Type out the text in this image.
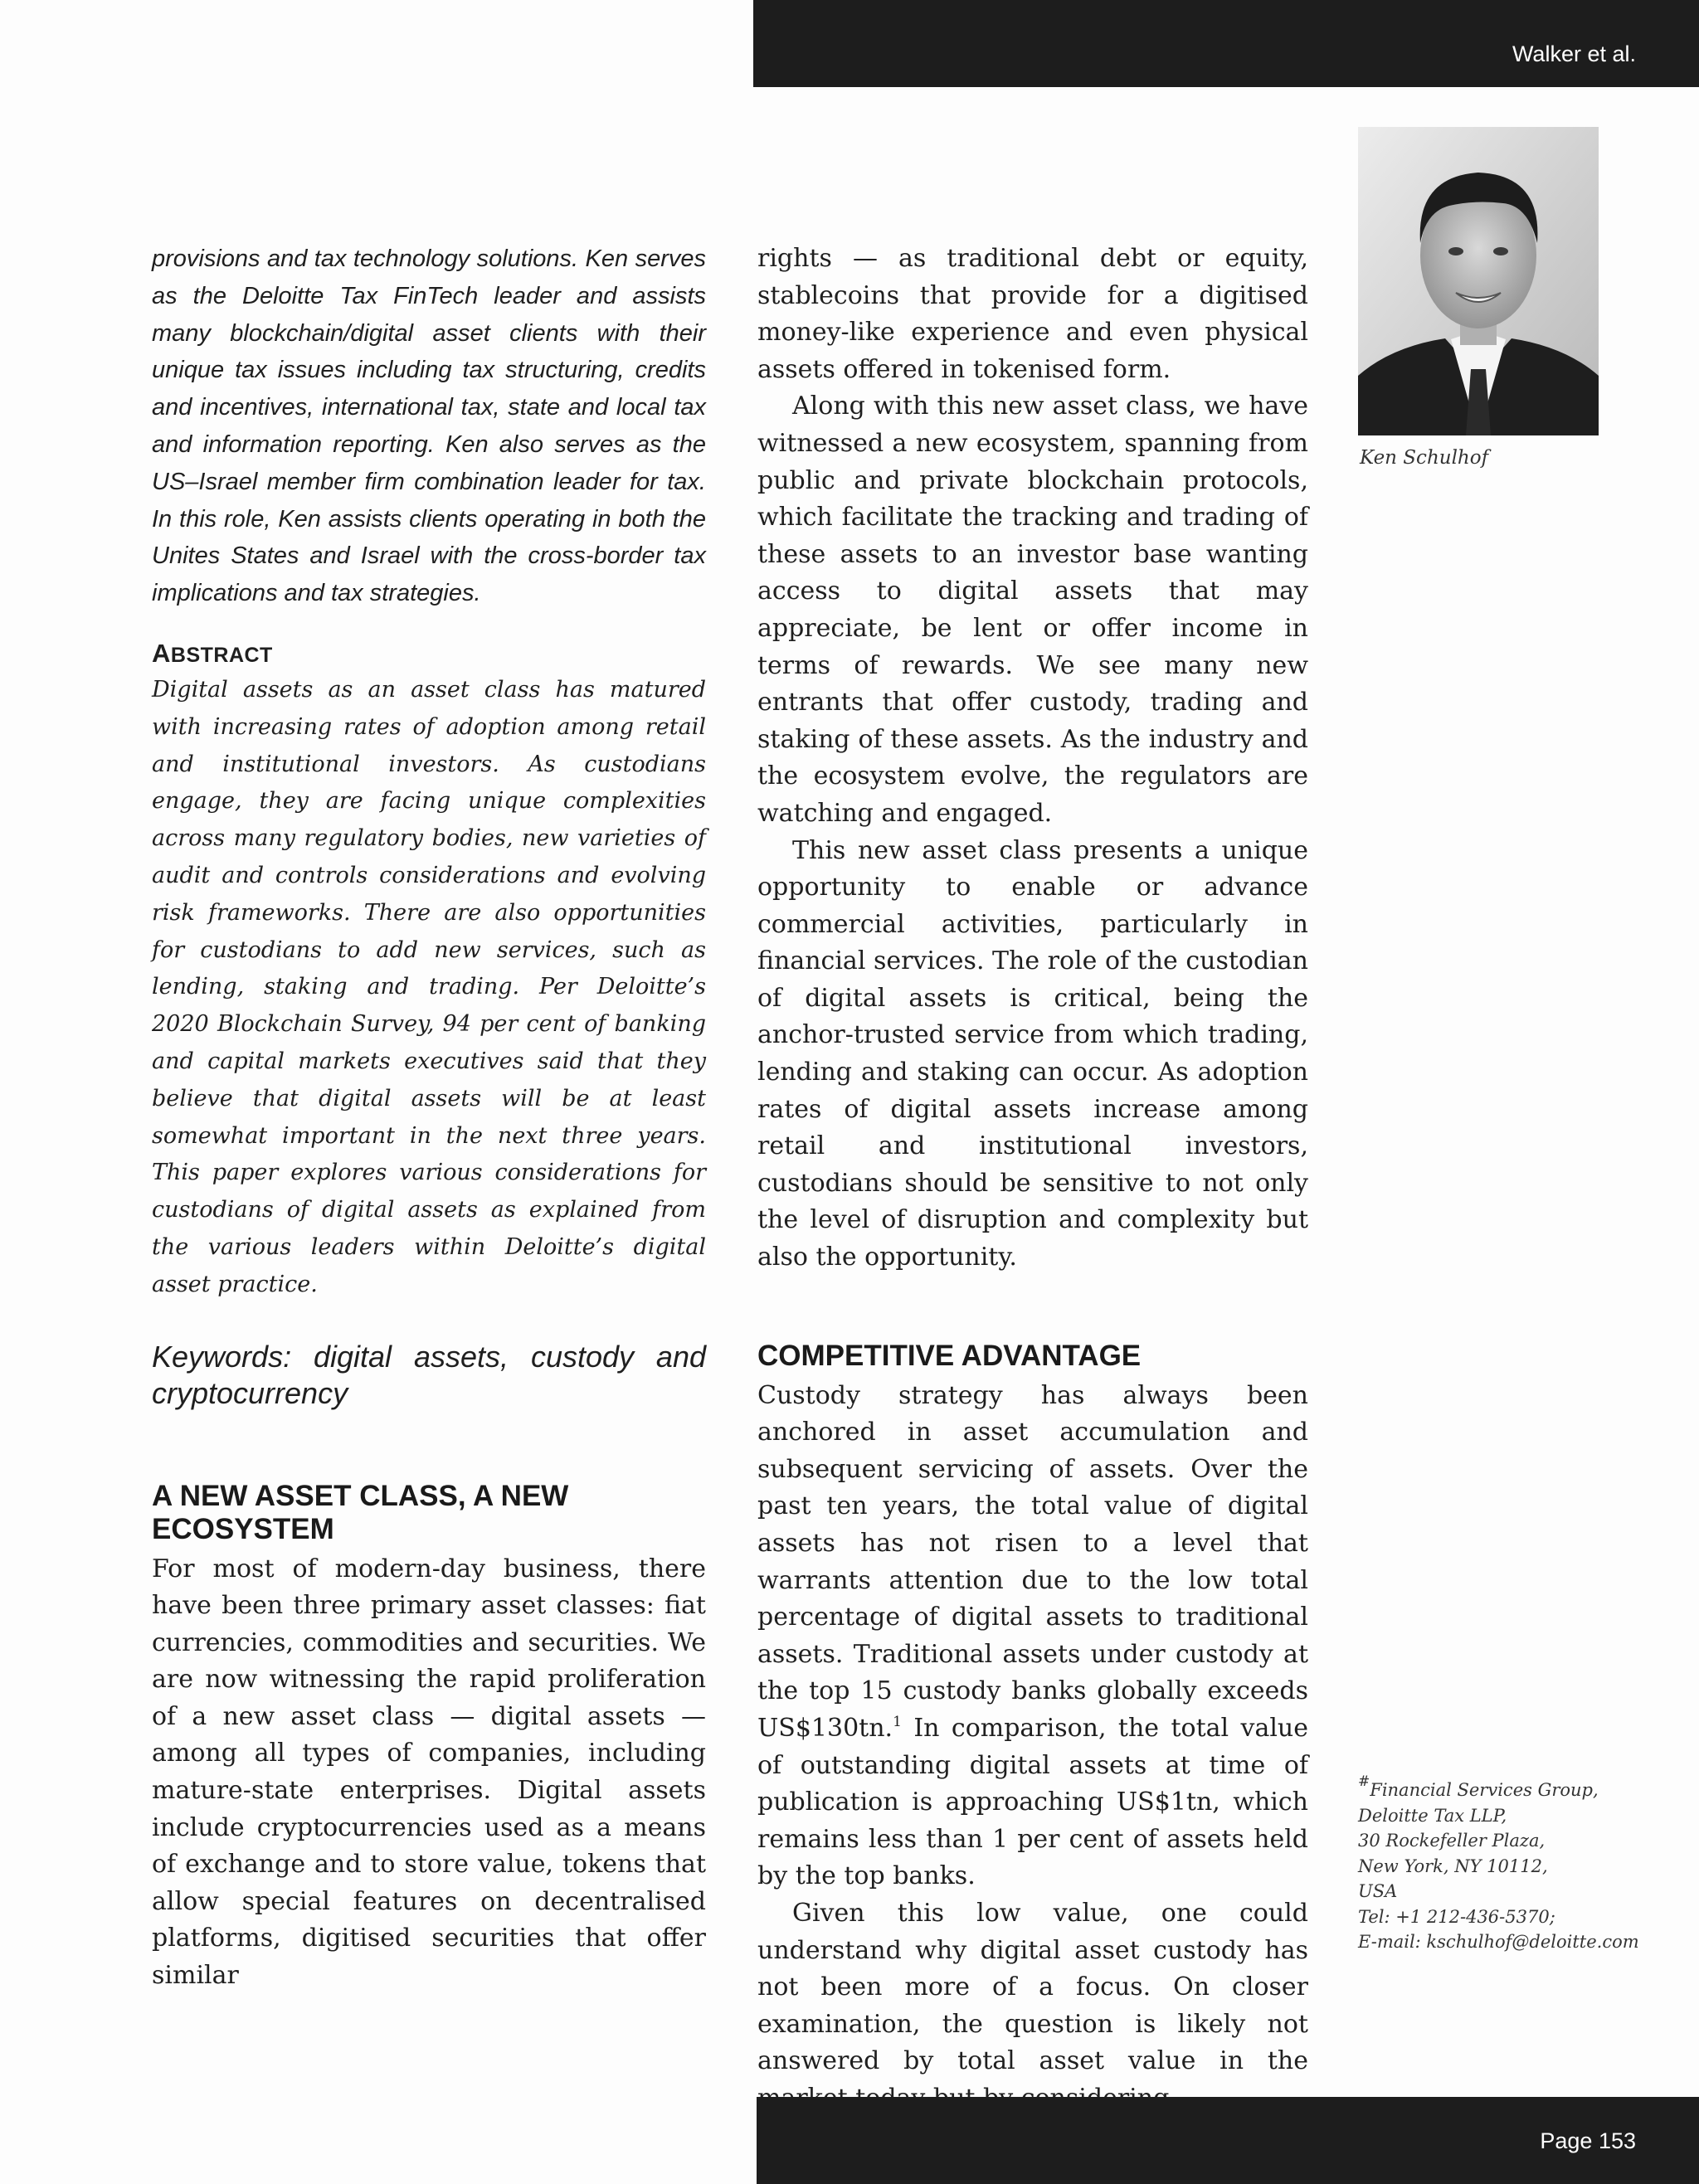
Walker et al.

provisions and tax technology solutions. Ken serves as the Deloitte Tax FinTech leader and assists many blockchain/digital asset clients with their unique tax issues including tax structuring, credits and incentives, international tax, state and local tax and information reporting. Ken also serves as the US–Israel member firm combination leader for tax. In this role, Ken assists clients operating in both the Unites States and Israel with the cross-border tax implications and tax strategies.

ABSTRACT

Digital assets as an asset class has matured with increasing rates of adoption among retail and institutional investors. As custodians engage, they are facing unique complexities across many regulatory bodies, new varieties of audit and controls considerations and evolving risk frameworks. There are also opportunities for custodians to add new services, such as lending, staking and trading. Per Deloitte’s 2020 Blockchain Survey, 94 per cent of banking and capital markets executives said that they believe that digital assets will be at least somewhat important in the next three years. This paper explores various considerations for custodians of digital assets as explained from the various leaders within Deloitte’s digital asset practice.

Keywords: digital assets, custody and cryptocurrency

A NEW ASSET CLASS, A NEW ECOSYSTEM

For most of modern-day business, there have been three primary asset classes: fiat currencies, commodities and securities. We are now witnessing the rapid proliferation of a new asset class — digital assets — among all types of companies, including mature-state enterprises. Digital assets include cryptocurrencies used as a means of exchange and to store value, tokens that allow special features on decentralised platforms, digitised securities that offer similar

rights — as traditional debt or equity, stablecoins that provide for a digitised money-like experience and even physical assets offered in tokenised form.

Along with this new asset class, we have witnessed a new ecosystem, spanning from public and private blockchain protocols, which facilitate the tracking and trading of these assets to an investor base wanting access to digital assets that may appreciate, be lent or offer income in terms of rewards. We see many new entrants that offer custody, trading and staking of these assets. As the industry and the ecosystem evolve, the regulators are watching and engaged.

This new asset class presents a unique opportunity to enable or advance commercial activities, particularly in financial services. The role of the custodian of digital assets is critical, being the anchor-trusted service from which trading, lending and staking can occur. As adoption rates of digital assets increase among retail and institutional investors, custodians should be sensitive to not only the level of disruption and complexity but also the opportunity.

COMPETITIVE ADVANTAGE

Custody strategy has always been anchored in asset accumulation and subsequent servicing of assets. Over the past ten years, the total value of digital assets has not risen to a level that warrants attention due to the low total percentage of digital assets to traditional assets. Traditional assets under custody at the top 15 custody banks globally exceeds US$130tn.$^1$ In comparison, the total value of outstanding digital assets at time of publication is approaching US$1tn, which remains less than 1 per cent of assets held by the top banks.

Given this low value, one could understand why digital asset custody has not been more of a focus. On closer examination, the question is likely not answered by total asset value in the

Ken Schulhof
#Financial Services Group,
Deloitte Tax LLP,
30 Rockefeller Plaza,
New York, NY 10112,
USA
Tel: +1 212-436-5370;
E-mail: kschulhof@deloitte.com
Page 153
